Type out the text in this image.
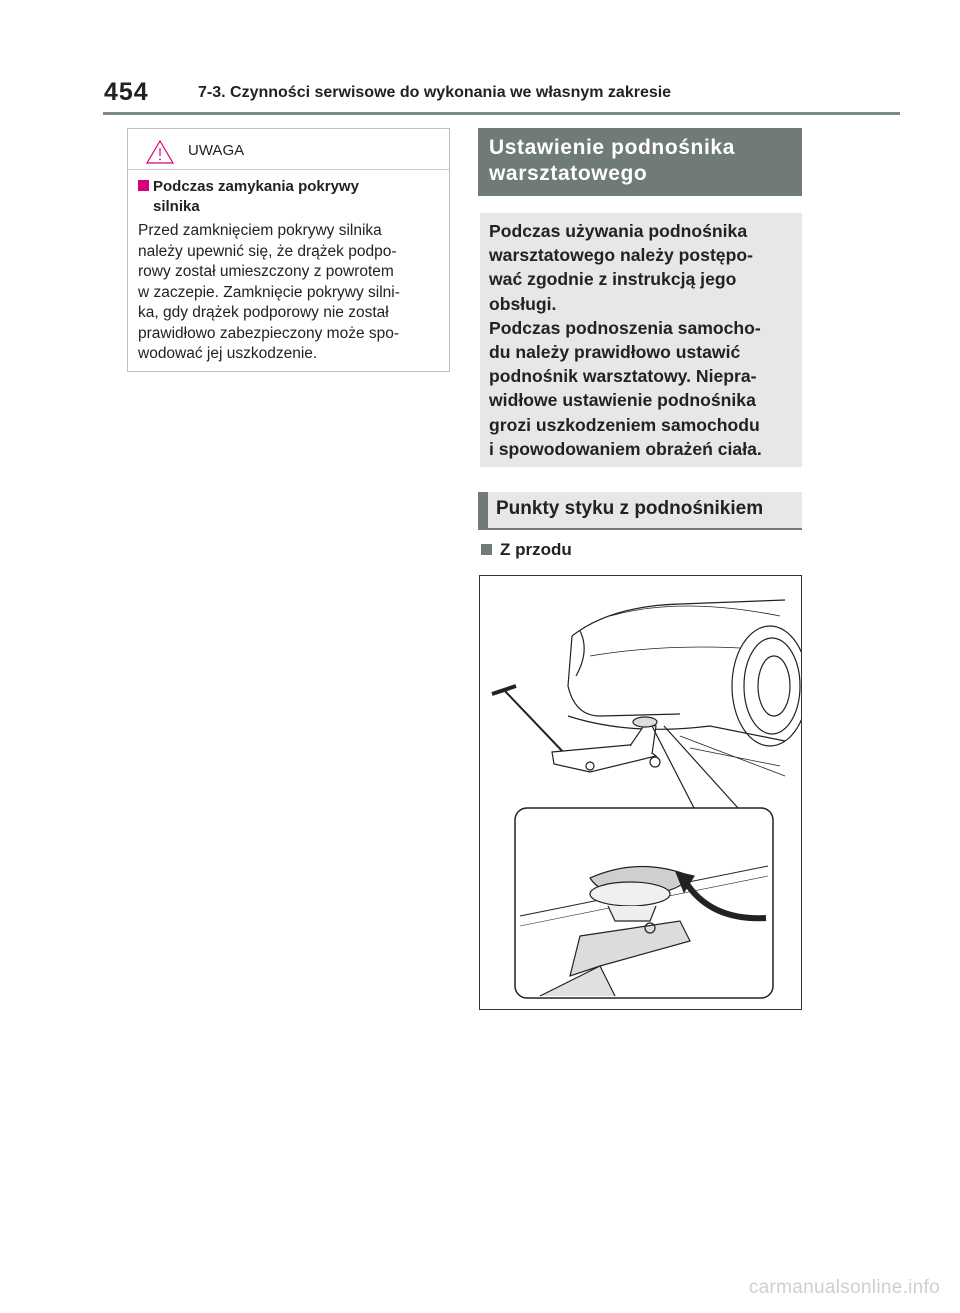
454	7-3. Czynności serwisowe do wykonania we własnym zakresie
UWAGA
Podczas zamykania pokrywy
silnika
Przed zamknięciem pokrywy silnika
należy upewnić się, że drążek podpo-
rowy został umieszczony z powrotem
w zaczepie. Zamknięcie pokrywy silni-
ka, gdy drążek podporowy nie został
prawidłowo zabezpieczony może spo-
wodować jej uszkodzenie.
Ustawienie podnośnika
warsztatowego

Podczas używania podnośnika

warsztatowego należy postępo-

wać zgodnie z instrukcją jego

obsługi.

Podczas podnoszenia samocho-

du należy prawidłowo ustawić

podnośnik warsztatowy. Niepra-

widłowe ustawienie podnośnika

grozi uszkodzeniem samochodu

i spowodowaniem obrażeń ciała.

Punkty styku z podnośnikiem
Z przodu
carmanualsonline.info
